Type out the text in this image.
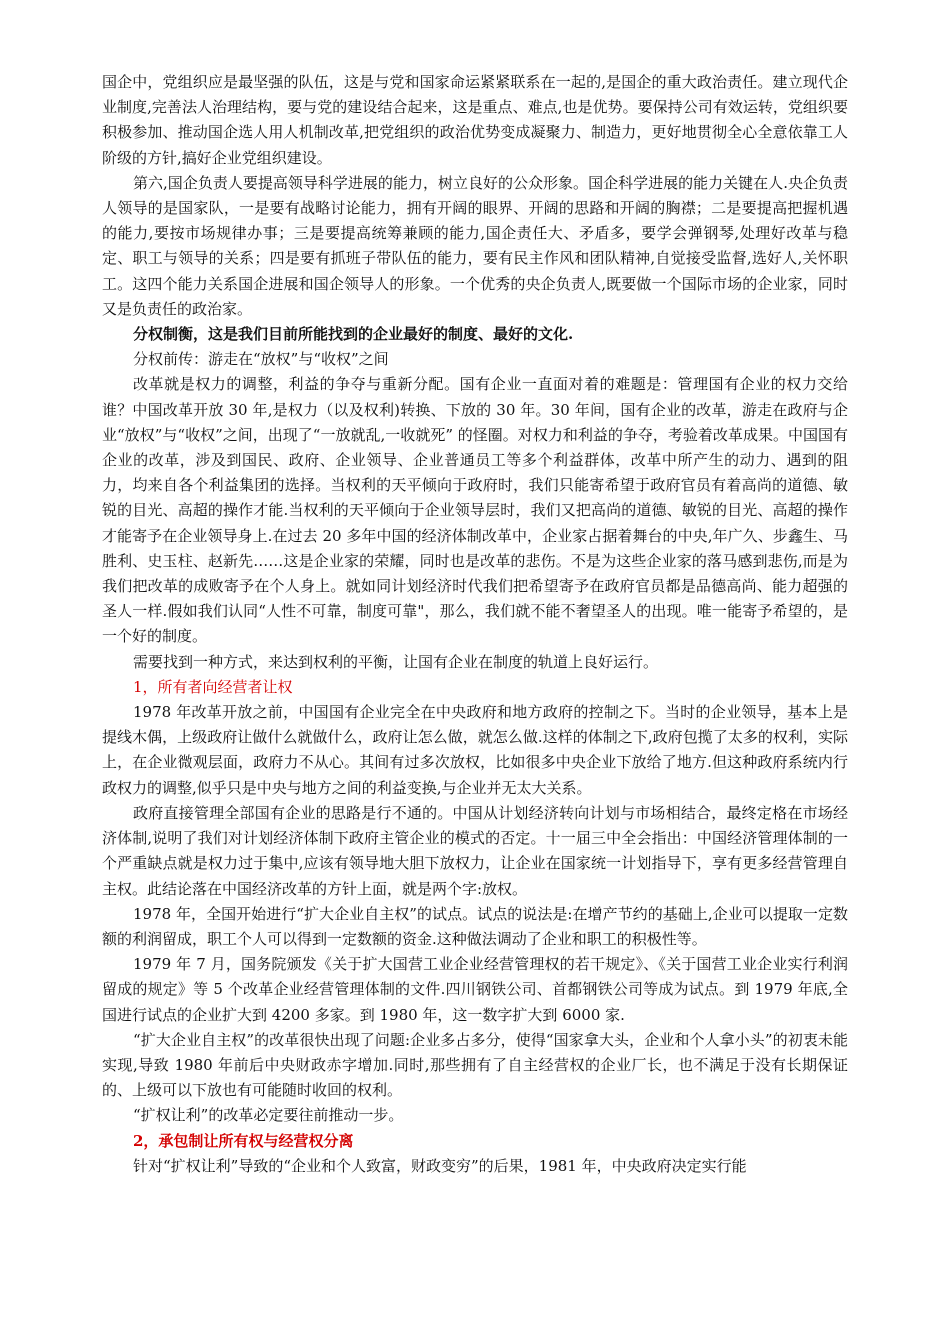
国企中，党组织应是最坚强的队伍，这是与党和国家命运紧紧联系在一起的,是国企的重大政治责任。建立现代企业制度,完善法人治理结构，要与党的建设结合起来，这是重点、难点,也是优势。要保持公司有效运转，党组织要积极参加、推动国企选人用人机制改革,把党组织的政治优势变成凝聚力、制造力，更好地贯彻全心全意依靠工人阶级的方针,搞好企业党组织建设。

第六,国企负责人要提高领导科学进展的能力，树立良好的公众形象。国企科学进展的能力关键在人.央企负责人领导的是国家队，一是要有战略讨论能力，拥有开阔的眼界、开阔的思路和开阔的胸襟；二是要提高把握机遇的能力,要按市场规律办事；三是要提高统筹兼顾的能力,国企责任大、矛盾多，要学会弹钢琴,处理好改革与稳定、职工与领导的关系；四是要有抓班子带队伍的能力，要有民主作风和团队精神,自觉接受监督,选好人,关怀职工。这四个能力关系国企进展和国企领导人的形象。一个优秀的央企负责人,既要做一个国际市场的企业家，同时又是负责任的政治家。

分权制衡，这是我们目前所能找到的企业最好的制度、最好的文化.

分权前传：游走在“放权”与“收权”之间

改革就是权力的调整，利益的争夺与重新分配。国有企业一直面对着的难题是：管理国有企业的权力交给谁？中国改革开放 30 年,是权力（以及权利)转换、下放的 30 年。30 年间，国有企业的改革，游走在政府与企业“放权”与“收权”之间，出现了“一放就乱,一收就死” 的怪圈。对权力和利益的争夺，考验着改革成果。中国国有企业的改革，涉及到国民、政府、企业领导、企业普通员工等多个利益群体，改革中所产生的动力、遇到的阻力，均来自各个利益集团的选择。当权利的天平倾向于政府时，我们只能寄希望于政府官员有着高尚的道德、敏锐的目光、高超的操作才能.当权利的天平倾向于企业领导层时，我们又把高尚的道德、敏锐的目光、高超的操作才能寄予在企业领导身上.在过去 20 多年中国的经济体制改革中，企业家占据着舞台的中央,年广久、步鑫生、马胜利、史玉柱、赵新先……这是企业家的荣耀，同时也是改革的悲伤。不是为这些企业家的落马感到悲伤,而是为我们把改革的成败寄予在个人身上。就如同计划经济时代我们把希望寄予在政府官员都是品德高尚、能力超强的圣人一样.假如我们认同“人性不可靠，制度可靠"，那么，我们就不能不奢望圣人的出现。唯一能寄予希望的，是一个好的制度。

需要找到一种方式，来达到权利的平衡，让国有企业在制度的轨道上良好运行。

1，所有者向经营者让权

1978 年改革开放之前，中国国有企业完全在中央政府和地方政府的控制之下。当时的企业领导，基本上是提线木偶，上级政府让做什么就做什么，政府让怎么做，就怎么做.这样的体制之下,政府包揽了太多的权利，实际上，在企业微观层面，政府力不从心。其间有过多次放权，比如很多中央企业下放给了地方.但这种政府系统内行政权力的调整,似乎只是中央与地方之间的利益变换,与企业并无太大关系。

政府直接管理全部国有企业的思路是行不通的。中国从计划经济转向计划与市场相结合，最终定格在市场经济体制,说明了我们对计划经济体制下政府主管企业的模式的否定。十一届三中全会指出：中国经济管理体制的一个严重缺点就是权力过于集中,应该有领导地大胆下放权力，让企业在国家统一计划指导下，享有更多经营管理自主权。此结论落在中国经济改革的方针上面，就是两个字:放权。

1978 年，全国开始进行“扩大企业自主权”的试点。试点的说法是:在增产节约的基础上,企业可以提取一定数额的利润留成，职工个人可以得到一定数额的资金.这种做法调动了企业和职工的积极性等。

1979 年 7 月，国务院颁发《关于扩大国营工业企业经营管理权的若干规定》、《关于国营工业企业实行利润留成的规定》等 5 个改革企业经营管理体制的文件.四川钢铁公司、首都钢铁公司等成为试点。到 1979 年底,全国进行试点的企业扩大到 4200 多家。到 1980 年，这一数字扩大到 6000 家.

“扩大企业自主权”的改革很快出现了问题:企业多占多分，使得“国家拿大头，企业和个人拿小头”的初衷未能实现,导致 1980 年前后中央财政赤字增加.同时,那些拥有了自主经营权的企业厂长，也不满足于没有长期保证的、上级可以下放也有可能随时收回的权利。

“扩权让利”的改革必定要往前推动一步。

2，承包制让所有权与经营权分离

针对“扩权让利”导致的“企业和个人致富，财政变穷”的后果，1981 年，中央政府决定实行能
